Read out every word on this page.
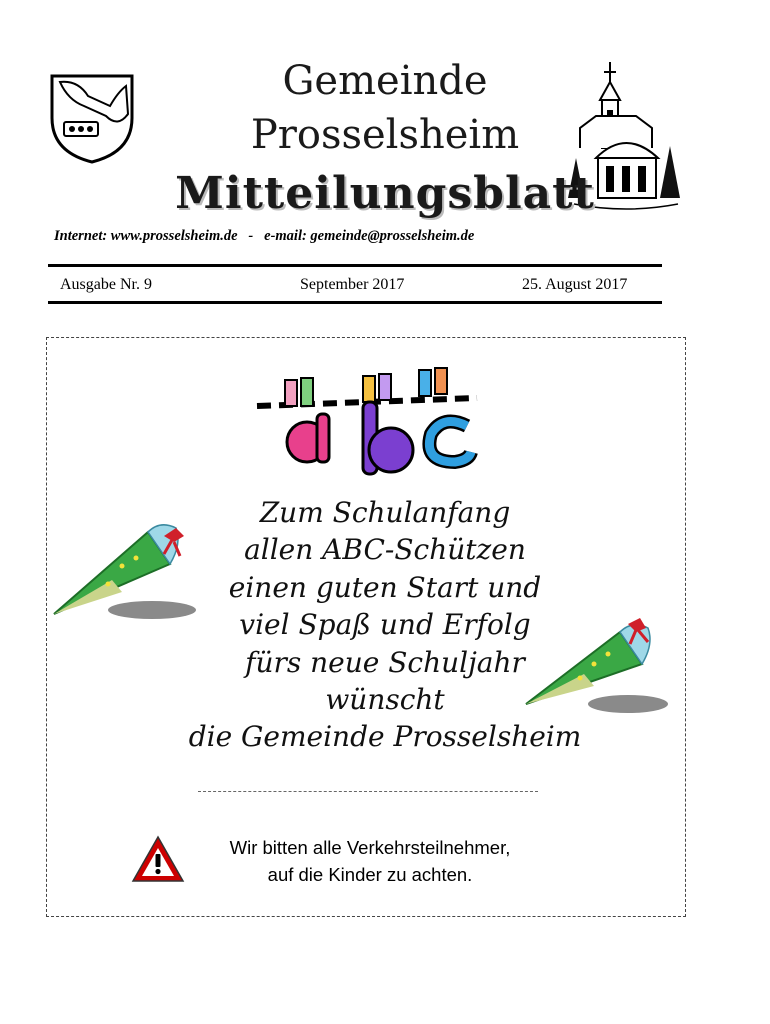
Gemeinde
Prosselsheim
Mitteilungsblatt
Internet: www.prosselsheim.de   -   e-mail: gemeinde@prosselsheim.de
Ausgabe Nr. 9	September 2017	25. August 2017
Zum Schulanfang
allen ABC-Schützen
einen guten Start und
viel Spaß und Erfolg
fürs neue Schuljahr
wünscht
die Gemeinde Prosselsheim
Wir bitten alle Verkehrsteilnehmer,
auf die Kinder zu achten.
